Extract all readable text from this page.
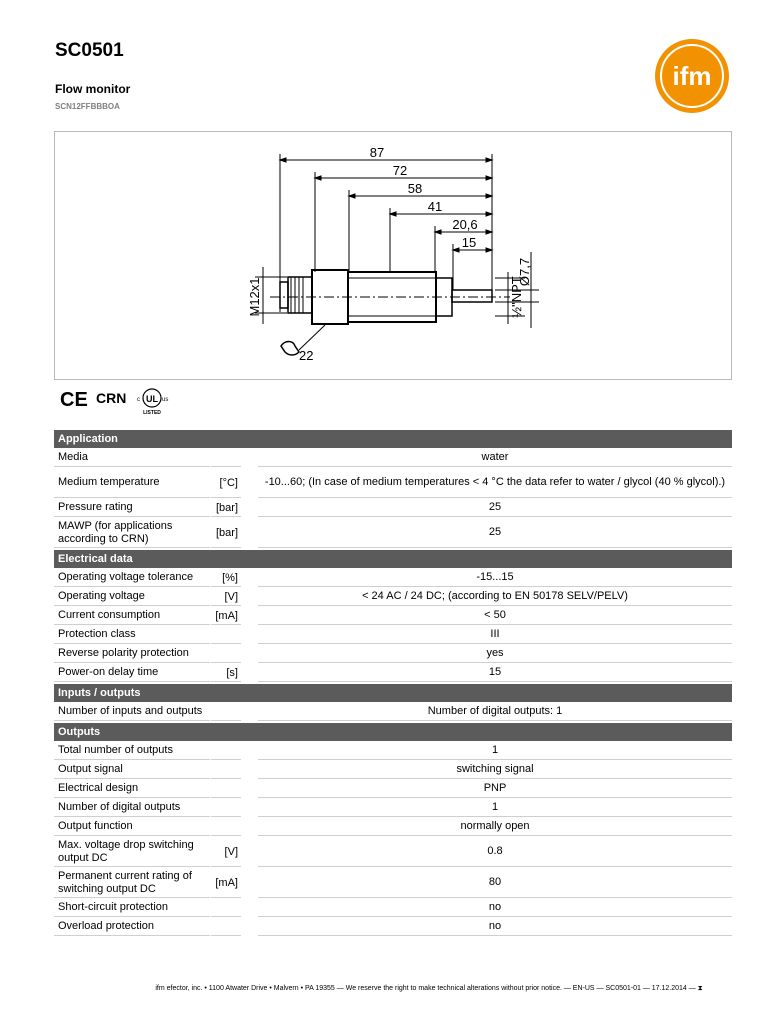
SC0501
Flow monitor
SCN12FFBBBOA
ifm
87
72
58
41
20,6
15
M12x1	½"NPT
Ø7,7
22
CE CRN UL
c	us
LISTED
Application
Media	water
Medium temperature	[°C]	-10...60; (In case of medium temperatures < 4 °C the data refer to water / glycol (40 % glycol).)
Pressure rating	[bar]	25
MAWP (for applications according to CRN)	[bar]	25
Electrical data
Operating voltage tolerance	[%]	-15...15
Operating voltage	[V]	< 24 AC / 24 DC; (according to EN 50178 SELV/PELV)
Current consumption	[mA]	< 50
Protection class	III
Reverse polarity protection	yes
Power-on delay time	[s]	15
Inputs / outputs
Number of inputs and outputs	Number of digital outputs: 1
Outputs
Total number of outputs	1
Output signal	switching signal
Electrical design	PNP
Number of digital outputs	1
Output function	normally open
Max. voltage drop switching output DC	[V]	0.8
Permanent current rating of switching output DC	[mA]	80
Short-circuit protection	no
Overload protection	no
ifm efector, inc. • 1100 Atwater Drive • Malvern • PA 19355 — We reserve the right to make technical alterations without prior notice. — EN-US — SC0501-01 — 17.12.2014 — ⧗
